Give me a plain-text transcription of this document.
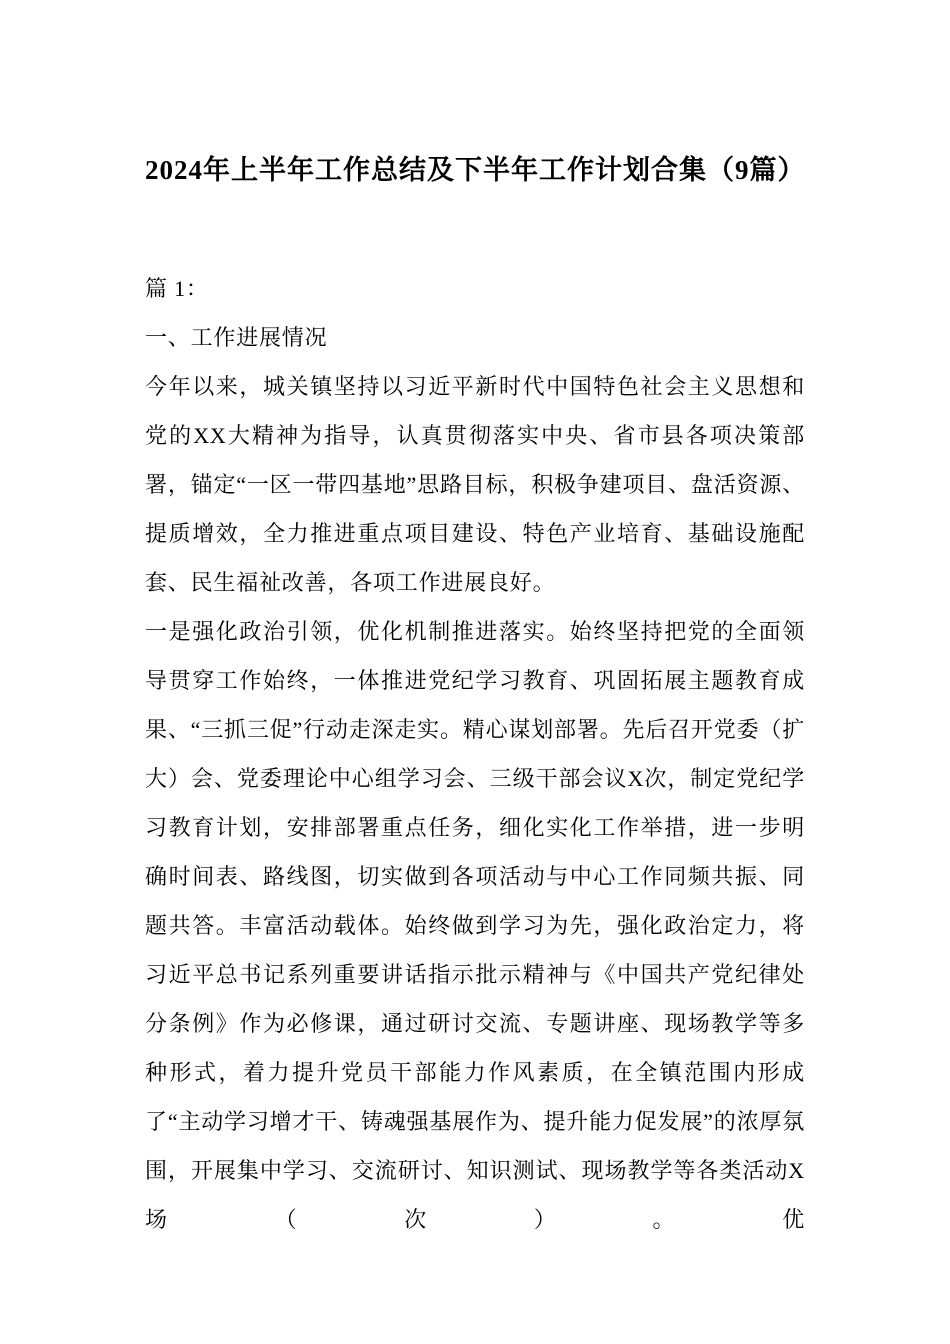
2024年上半年工作总结及下半年工作计划合集（9篇）

篇 1：

一、工作进展情况

今年以来，城关镇坚持以习近平新时代中国特色社会主义思想和党的XX大精神为指导，认真贯彻落实中央、省市县各项决策部署，锚定“一区一带四基地”思路目标，积极争建项目、盘活资源、提质增效，全力推进重点项目建设、特色产业培育、基础设施配套、民生福祉改善，各项工作进展良好。

一是强化政治引领，优化机制推进落实。始终坚持把党的全面领导贯穿工作始终，一体推进党纪学习教育、巩固拓展主题教育成果、“三抓三促”行动走深走实。精心谋划部署。先后召开党委（扩大）会、党委理论中心组学习会、三级干部会议X次，制定党纪学习教育计划，安排部署重点任务，细化实化工作举措，进一步明确时间表、路线图，切实做到各项活动与中心工作同频共振、同题共答。丰富活动载体。始终做到学习为先，强化政治定力，将习近平总书记系列重要讲话指示批示精神与《中国共产党纪律处分条例》作为必修课，通过研讨交流、专题讲座、现场教学等多种形式，着力提升党员干部能力作风素质，在全镇范围内形成了“主动学习增才干、铸魂强基展作为、提升能力促发展”的浓厚氛围，开展集中学习、交流研讨、知识测试、现场教学等各类活动X场（次）。优
